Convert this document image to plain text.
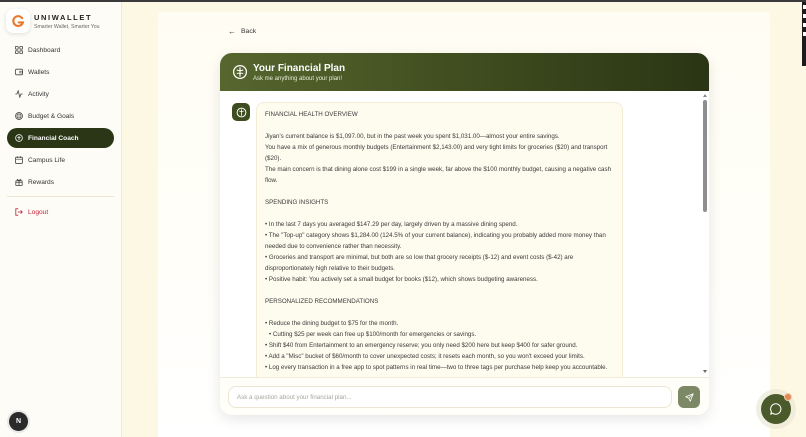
UNIWALLET
Smarter Wallet, Smarter You
Dashboard
Wallets
Activity
Budget & Goals
Financial Coach
Campus Life
Rewards
Logout
N
← Back
Your Financial Plan
Ask me anything about your plan!

FINANCIAL HEALTH OVERVIEW

Jiyan's current balance is $1,097.00, but in the past week you spent $1,031.00—almost your entire savings.

You have a mix of generous monthly budgets (Entertainment $2,143.00) and very tight limits for groceries ($20) and transport ($20).

The main concern is that dining alone cost $199 in a single week, far above the $100 monthly budget, causing a negative cash flow.

SPENDING INSIGHTS

• In the last 7 days you averaged $147.29 per day, largely driven by a massive dining spend.

• The "Top-up" category shows $1,284.00 (124.5% of your current balance), indicating you probably added more money than needed due to convenience rather than necessity.

• Groceries and transport are minimal, but both are so low that grocery receipts ($-12) and event costs ($-42) are disproportionately high relative to their budgets.

• Positive habit: You actively set a small budget for books ($12), which shows budgeting awareness.

PERSONALIZED RECOMMENDATIONS

• Reduce the dining budget to $75 for the month.

• Cutting $25 per week can free up $100/month for emergencies or savings.

• Shift $40 from Entertainment to an emergency reserve; you only need $200 here but keep $400 for safer ground.

• Add a "Misc" bucket of $60/month to cover unexpected costs; it resets each month, so you won't exceed your limits.

• Log every transaction in a free app to spot patterns in real time—two to three tags per purchase help keep you accountable.

Ask a question about your financial plan...
